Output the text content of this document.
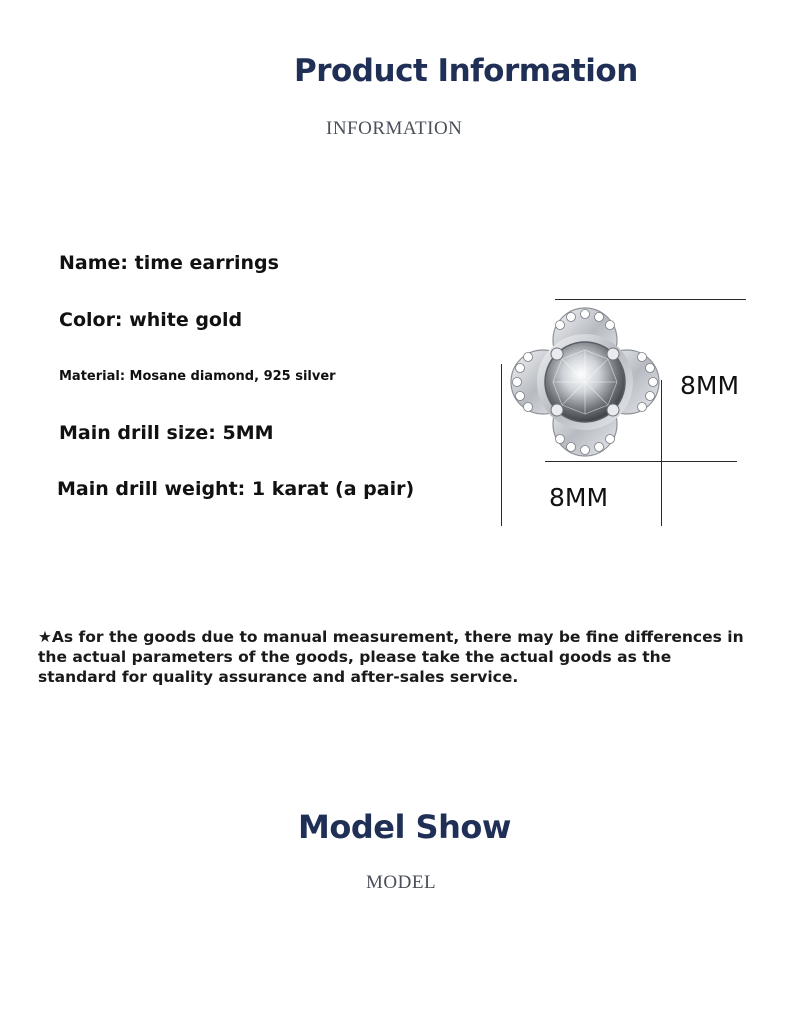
Product Information
INFORMATION
Name: time earrings
Color: white gold
Material: Mosane diamond, 925 silver
Main drill size: 5MM
Main drill weight: 1 karat (a pair)
8MM
8MM
★As for the goods due to manual measurement, there may be fine differences in the actual parameters of the goods, please take the actual goods as the standard for quality assurance and after-sales service.
Model Show
MODEL
